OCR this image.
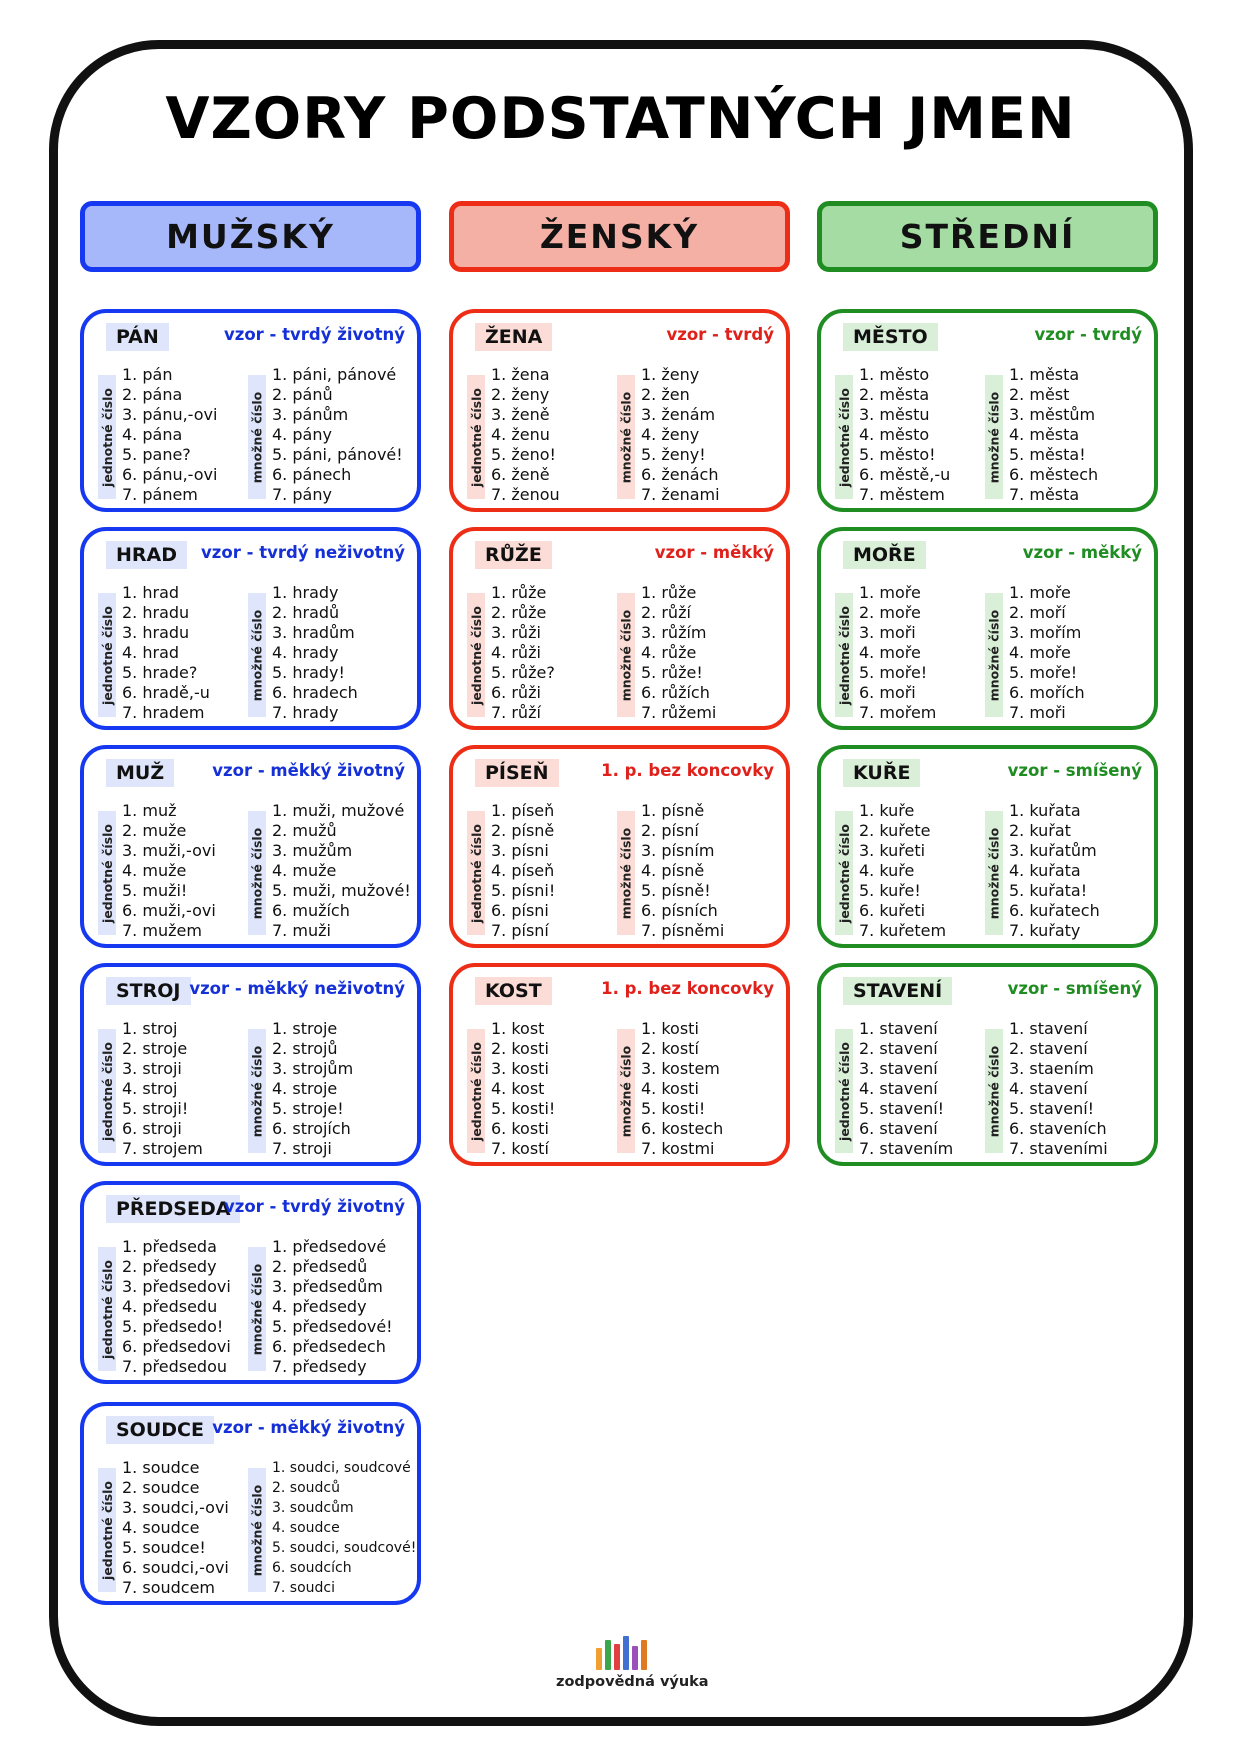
VZORY PODSTATNÝCH JMEN
MUŽSKÝ	ŽENSKÝ	STŘEDNÍ
PÁN	vzor - tvrdý životný
jednotné číslo
1. pán
2. pána
3. pánu,-ovi
4. pána
5. pane?
6. pánu,-ovi
7. pánem
množné číslo
1. páni, pánové
2. pánů
3. pánům
4. pány
5. páni, pánové!
6. pánech
7. pány
HRAD	vzor - tvrdý neživotný
jednotné číslo
1. hrad
2. hradu
3. hradu
4. hrad
5. hrade?
6. hradě,-u
7. hradem
množné číslo
1. hrady
2. hradů
3. hradům
4. hrady
5. hrady!
6. hradech
7. hrady
MUŽ	vzor - měkký životný
jednotné číslo
1. muž
2. muže
3. muži,-ovi
4. muže
5. muži!
6. muži,-ovi
7. mužem
množné číslo
1. muži, mužové
2. mužů
3. mužům
4. muže
5. muži, mužové!
6. mužích
7. muži
STROJ vzor - měkký neživotný
jednotné číslo
1. stroj
2. stroje
3. stroji
4. stroj
5. stroji!
6. stroji
7. strojem
množné číslo
1. stroje
2. strojů
3. strojům
4. stroje
5. stroje!
6. strojích
7. stroji
PŘEDSEDA
vzor - tvrdý životný
jednotné číslo
1. předseda
2. předsedy
3. předsedovi
4. předsedu
5. předsedo!
6. předsedovi
7. předsedou
množné číslo
1. předsedové
2. předsedů
3. předsedům
4. předsedy
5. předsedové!
6. předsedech
7. předsedy
SOUDCE vzor - měkký životný
jednotné číslo
1. soudce
2. soudce
3. soudci,-ovi
4. soudce
5. soudce!
6. soudci,-ovi
7. soudcem
množné číslo
1. soudci, soudcové
2. soudců
3. soudcům
4. soudce
5. soudci, soudcové!
6. soudcích
7. soudci
ŽENA	vzor - tvrdý
jednotné číslo
1. žena
2. ženy
3. ženě
4. ženu
5. ženo!
6. ženě
7. ženou
množné číslo
1. ženy
2. žen
3. ženám
4. ženy
5. ženy!
6. ženách
7. ženami
RŮŽE	vzor - měkký
jednotné číslo
1. růže
2. růže
3. růži
4. růži
5. růže?
6. růži
7. růží
množné číslo
1. růže
2. růží
3. růžím
4. růže
5. růže!
6. růžích
7. růžemi
PÍSEŇ	1. p. bez koncovky
jednotné číslo
1. píseň
2. písně
3. písni
4. píseň
5. písni!
6. písni
7. písní
množné číslo
1. písně
2. písní
3. písním
4. písně
5. písně!
6. písních
7. písněmi
KOST	1. p. bez koncovky
jednotné číslo
1. kost
2. kosti
3. kosti
4. kost
5. kosti!
6. kosti
7. kostí
množné číslo
1. kosti
2. kostí
3. kostem
4. kosti
5. kosti!
6. kostech
7. kostmi
MĚSTO	vzor - tvrdý
jednotné číslo
1. město
2. města
3. městu
4. město
5. město!
6. městě,-u
7. městem
množné číslo
1. města
2. měst
3. městům
4. města
5. města!
6. městech
7. města
MOŘE	vzor - měkký
jednotné číslo
1. moře
2. moře
3. moři
4. moře
5. moře!
6. moři
7. mořem
množné číslo
1. moře
2. moří
3. mořím
4. moře
5. moře!
6. mořích
7. moři
KUŘE	vzor - smíšený
jednotné číslo
1. kuře
2. kuřete
3. kuřeti
4. kuře
5. kuře!
6. kuřeti
7. kuřetem
množné číslo
1. kuřata
2. kuřat
3. kuřatům
4. kuřata
5. kuřata!
6. kuřatech
7. kuřaty
STAVENÍ	vzor - smíšený
jednotné číslo
1. stavení
2. stavení
3. stavení
4. stavení
5. stavení!
6. stavení
7. stavením
množné číslo
1. stavení
2. stavení
3. staením
4. stavení
5. stavení!
6. staveních
7. staveními
zodpovědná výuka
